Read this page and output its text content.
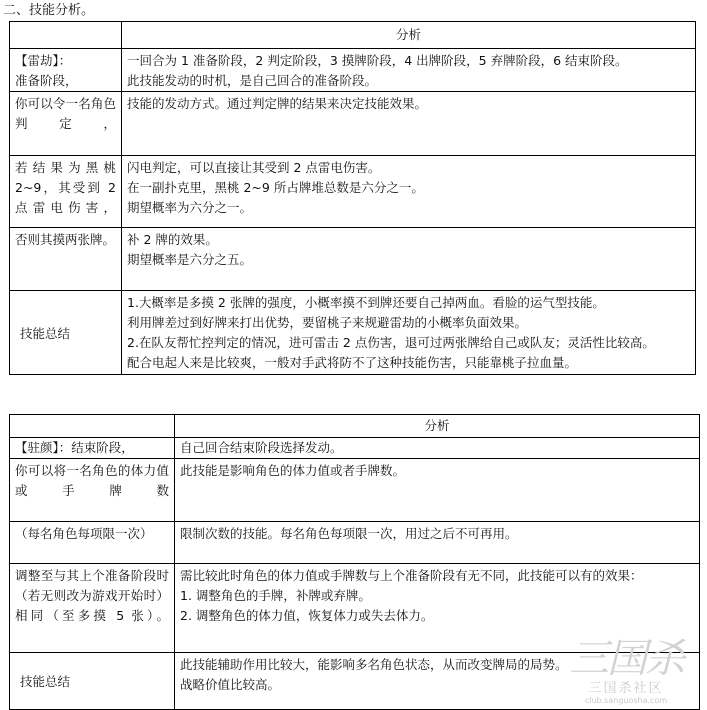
二、技能分析。
	分析
【雷劫】：
准备阶段，	一回合为 1 准备阶段，2 判定阶段，3 摸牌阶段，4 出牌阶段，5 弃牌阶段，6 结束阶段。
此技能发动的时机，是自己回合的准备阶段。
你可以令一名角色判定，	技能的发动方式。通过判定牌的结果来决定技能效果。
若结果为黑桃 2~9，其受到 2 点雷电伤害，	闪电判定，可以直接让其受到 2 点雷电伤害。
在一副扑克里，黑桃 2~9 所占牌堆总数是六分之一。
期望概率为六分之一。
否则其摸两张牌。	补 2 牌的效果。
期望概率是六分之五。
技能总结	1.大概率是多摸 2 张牌的强度，小概率摸不到牌还要自己掉两血。看脸的运气型技能。
利用牌差过到好牌来打出优势，要留桃子来规避雷劫的小概率负面效果。
2.在队友帮忙控判定的情况，进可雷击 2 点伤害，退可过两张牌给自己或队友；灵活性比较高。
配合电起人来是比较爽，一般对手武将防不了这种技能伤害，只能靠桃子拉血量。
	分析
【驻颜】：结束阶段，	自己回合结束阶段选择发动。
你可以将一名角色的体力值或手牌数	此技能是影响角色的体力值或者手牌数。
（每名角色每项限一次）	限制次数的技能。每名角色每项限一次，用过之后不可再用。
调整至与其上个准备阶段时（若无则改为游戏开始时）相同（至多摸 5 张）。	需比较此时角色的体力值或手牌数与上个准备阶段有无不同，此技能可以有的效果：
1. 调整角色的手牌，补牌或弃牌。
2. 调整角色的体力值，恢复体力或失去体力。
技能总结	此技能辅助作用比较大，能影响多名角色状态，从而改变牌局的局势。
战略价值比较高。
三国杀
三国杀社区
club.sanguosha.com
